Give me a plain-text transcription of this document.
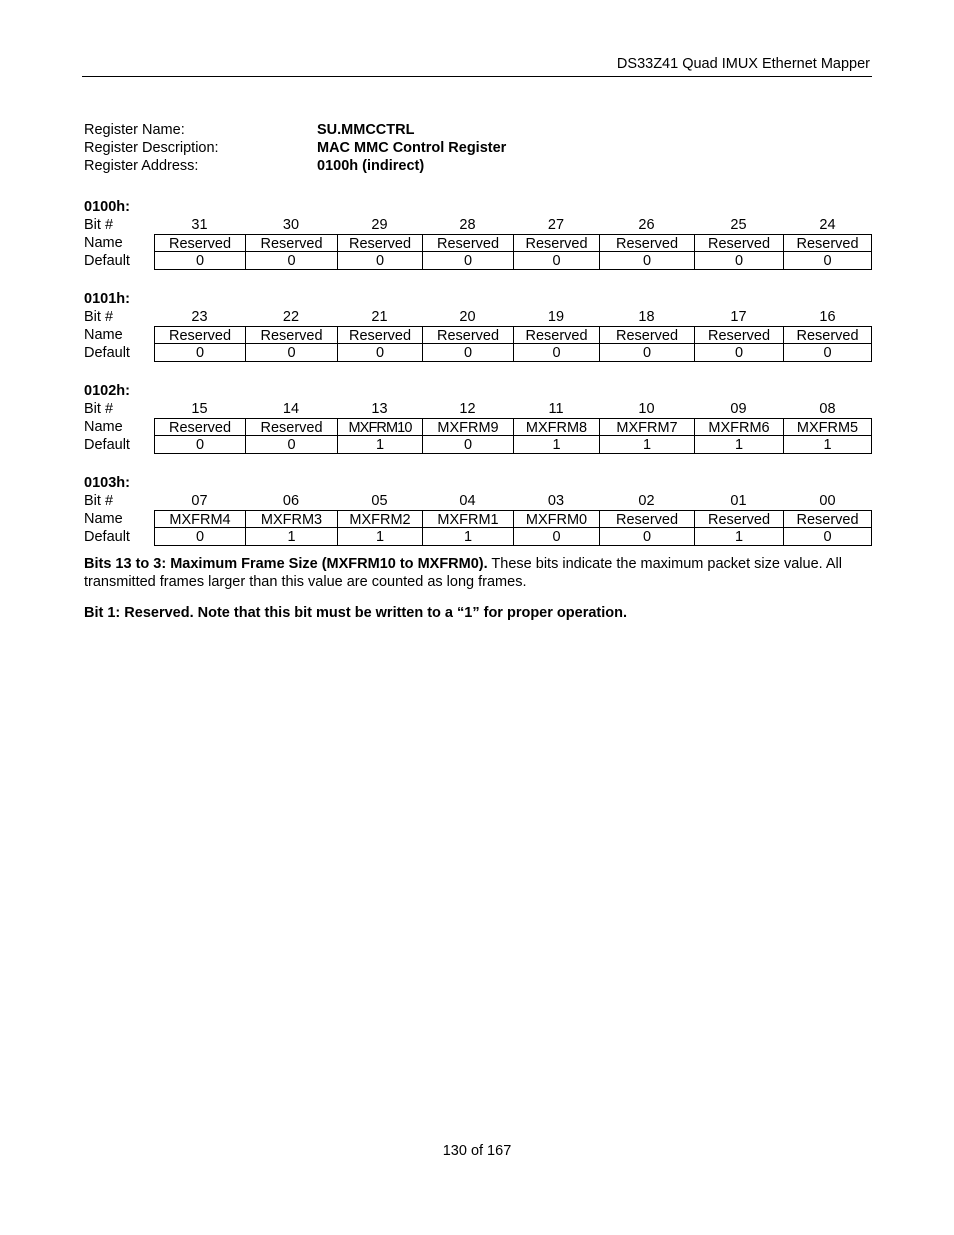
DS33Z41 Quad IMUX Ethernet Mapper
Register Name:	SU.MMCCTRL
Register Description:	MAC MMC Control Register
Register Address:	0100h (indirect)
0100h:
Bit #	31	30	29	28	27	26	25	24
Name	Reserved	Reserved	Reserved	Reserved	Reserved	Reserved	Reserved	Reserved
Default	0	0	0	0	0	0	0	0
0101h:
Bit #	23	22	21	20	19	18	17	16
Name	Reserved	Reserved	Reserved	Reserved	Reserved	Reserved	Reserved	Reserved
Default	0	0	0	0	0	0	0	0
0102h:
Bit #	15	14	13	12	11	10	09	08
Name	Reserved	Reserved	MXFRM10	MXFRM9	MXFRM8	MXFRM7	MXFRM6	MXFRM5
Default	0	0	1	0	1	1	1	1
0103h:
Bit #	07	06	05	04	03	02	01	00
Name	MXFRM4	MXFRM3	MXFRM2	MXFRM1	MXFRM0	Reserved	Reserved	Reserved
Default	0	1	1	1	0	0	1	0
Bits 13 to 3: Maximum Frame Size (MXFRM10 to MXFRM0). These bits indicate the maximum packet size value. All transmitted frames larger than this value are counted as long frames.
Bit 1: Reserved. Note that this bit must be written to a “1” for proper operation.
130 of 167
